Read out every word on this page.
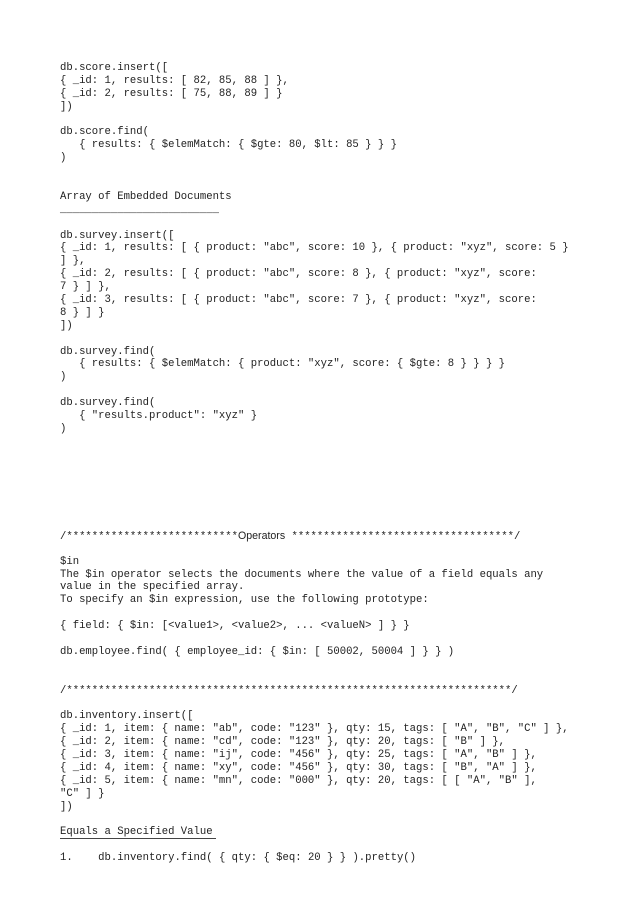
db.score.insert([
{ _id: 1, results: [ 82, 85, 88 ] },
{ _id: 2, results: [ 75, 88, 89 ] }
])
db.score.find(
{ results: { $elemMatch: { $gte: 80, $lt: 85 } } }
)
Array of Embedded Documents
_________________________
db.survey.insert([
{ _id: 1, results: [ { product: "abc", score: 10 }, { product: "xyz", score: 5 }
] },
{ _id: 2, results: [ { product: "abc", score: 8 }, { product: "xyz", score:
7 } ] },
{ _id: 3, results: [ { product: "abc", score: 7 }, { product: "xyz", score:
8 } ] }
])
db.survey.find(
{ results: { $elemMatch: { product: "xyz", score: { $gte: 8 } } } }
)
db.survey.find(
{ "results.product": "xyz" }
)
/***************************Operators ***********************************/
$in
The $in operator selects the documents where the value of a field equals any
value in the specified array.
To specify an $in expression, use the following prototype:
{ field: { $in: [<value1>, <value2>, ... <valueN> ] } }
db.employee.find( { employee_id: { $in: [ 50002, 50004 ] } } )
/**********************************************************************/
db.inventory.insert([
{ _id: 1, item: { name: "ab", code: "123" }, qty: 15, tags: [ "A", "B", "C" ] },
{ _id: 2, item: { name: "cd", code: "123" }, qty: 20, tags: [ "B" ] },
{ _id: 3, item: { name: "ij", code: "456" }, qty: 25, tags: [ "A", "B" ] },
{ _id: 4, item: { name: "xy", code: "456" }, qty: 30, tags: [ "B", "A" ] },
{ _id: 5, item: { name: "mn", code: "000" }, qty: 20, tags: [ [ "A", "B" ],
"C" ] }
])
Equals a Specified Value
1. db.inventory.find( { qty: { $eq: 20 } } ).pretty()
